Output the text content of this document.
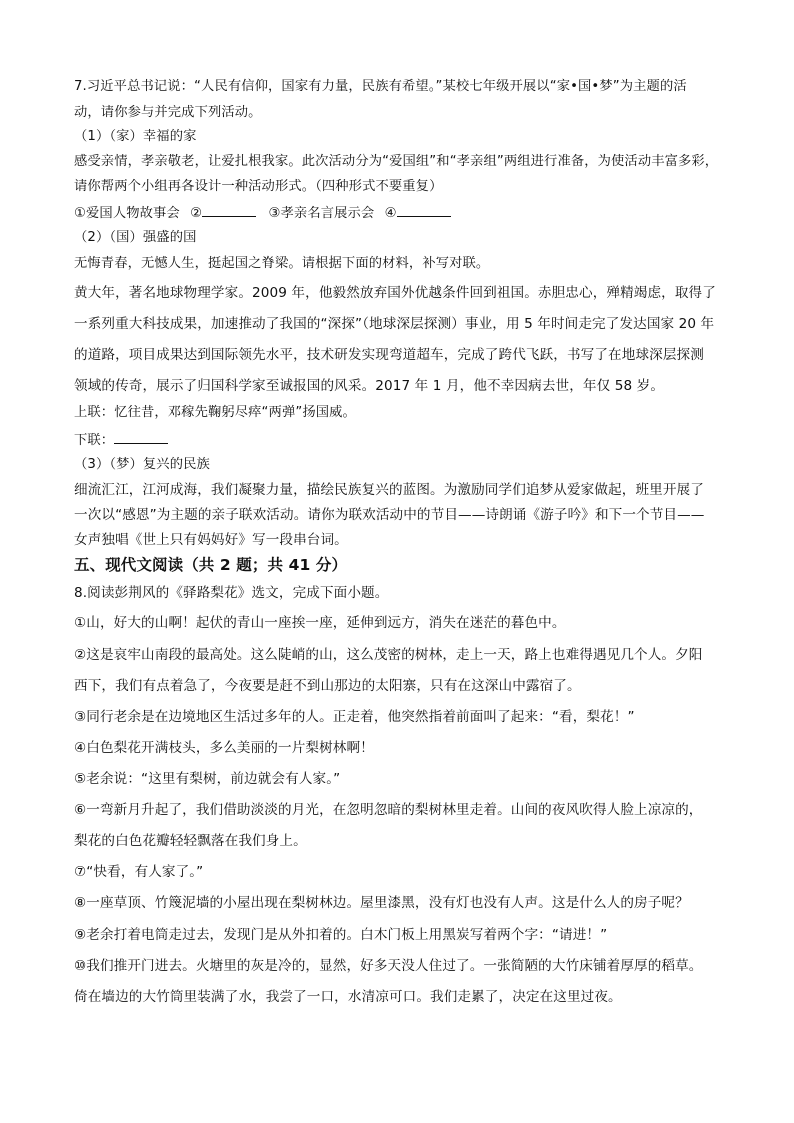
7.习近平总书记说：“人民有信仰，国家有力量，民族有希望。”某校七年级开展以“家•国•梦”为主题的活
动，请你参与并完成下列活动。
（1）（家）幸福的家
感受亲情，孝亲敬老，让爱扎根我家。此次活动分为“爱国组”和“孝亲组”两组进行准备，为使活动丰富多彩，
请你帮两个小组再各设计一种活动形式。（四种形式不要重复）
①爱国人物故事会 ②	③孝亲名言展示会 ④
（2）（国）强盛的国
无悔青春，无憾人生，挺起国之脊梁。请根据下面的材料，补写对联。
黄大年，著名地球物理学家。2009 年，他毅然放弃国外优越条件回到祖国。赤胆忠心，殚精竭虑，取得了
一系列重大科技成果，加速推动了我国的“深探”（地球深层探测）事业，用 5 年时间走完了发达国家 20 年
的道路，项目成果达到国际领先水平，技术研发实现弯道超车，完成了跨代飞跃，书写了在地球深层探测
领域的传奇，展示了归国科学家至诚报国的风采。2017 年 1 月，他不幸因病去世，年仅 58 岁。
上联：忆往昔，邓稼先鞠躬尽瘁“两弹”扬国威。
下联：
（3）（梦）复兴的民族
细流汇江，江河成海，我们凝聚力量，描绘民族复兴的蓝图。为激励同学们追梦从爱家做起，班里开展了
一次以“感恩”为主题的亲子联欢活动。请你为联欢活动中的节目——诗朗诵《游子吟》和下一个节目——
女声独唱《世上只有妈妈好》写一段串台词。
五、现代文阅读（共 2 题；共 41 分）
8.阅读彭荆风的《驿路梨花》选文，完成下面小题。
①山，好大的山啊！起伏的青山一座挨一座，延伸到远方，消失在迷茫的暮色中。
②这是哀牢山南段的最高处。这么陡峭的山，这么茂密的树林，走上一天，路上也难得遇见几个人。夕阳
西下，我们有点着急了，今夜要是赶不到山那边的太阳寨，只有在这深山中露宿了。
③同行老余是在边境地区生活过多年的人。正走着，他突然指着前面叫了起来：“看，梨花！”
④白色梨花开满枝头，多么美丽的一片梨树林啊！
⑤老余说：“这里有梨树，前边就会有人家。”
⑥一弯新月升起了，我们借助淡淡的月光，在忽明忽暗的梨树林里走着。山间的夜风吹得人脸上凉凉的，
梨花的白色花瓣轻轻飘落在我们身上。
⑦“快看，有人家了。”
⑧一座草顶、竹篾泥墙的小屋出现在梨树林边。屋里漆黑，没有灯也没有人声。这是什么人的房子呢？
⑨老余打着电筒走过去，发现门是从外扣着的。白木门板上用黑炭写着两个字：“请进！”
⑩我们推开门进去。火塘里的灰是冷的，显然，好多天没人住过了。一张简陋的大竹床铺着厚厚的稻草。
倚在墙边的大竹筒里装满了水，我尝了一口，水清凉可口。我们走累了，决定在这里过夜。
